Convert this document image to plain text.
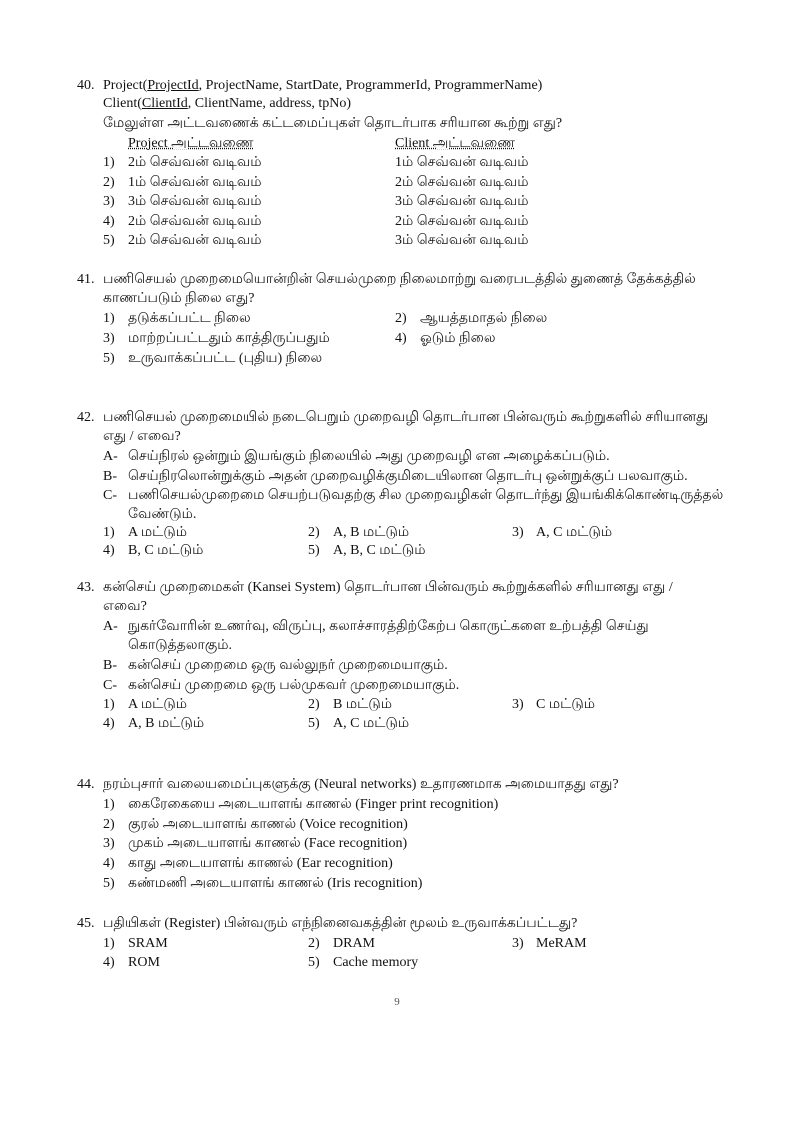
40. Project(ProjectId, ProjectName, StartDate, ProgrammerId, ProgrammerName)
Client(ClientId, ClientName, address, tpNo)
மேலுள்ள அட்டவணைக் கட்டமைப்புகள் தொடர்பாக சரியான கூற்று எது?
Project அட்டவணை	Client அட்டவணை
1) 2ம் செவ்வன் வடிவம்	1ம் செவ்வன் வடிவம்
2) 1ம் செவ்வன் வடிவம்	2ம் செவ்வன் வடிவம்
3) 3ம் செவ்வன் வடிவம்	3ம் செவ்வன் வடிவம்
4) 2ம் செவ்வன் வடிவம்	2ம் செவ்வன் வடிவம்
5) 2ம் செவ்வன் வடிவம்	3ம் செவ்வன் வடிவம்
41. பணிசெயல் முறைமையொன்றின் செயல்முறை நிலைமாற்று வரைபடத்தில் துணைத் தேக்கத்தில்
காணப்படும் நிலை எது?
1) தடுக்கப்பட்ட நிலை	2) ஆயத்தமாதல் நிலை
3) மாற்றப்பட்டதும் காத்திருப்பதும்	4) ஓடும் நிலை
5) உருவாக்கப்பட்ட (புதிய) நிலை
42. பணிசெயல் முறைமையில் நடைபெறும் முறைவழி தொடர்பான பின்வரும் கூற்றுகளில் சரியானது
எது / எவை?
A- செய்நிரல் ஒன்றும் இயங்கும் நிலையில் அது முறைவழி என அழைக்கப்படும்.
B- செய்நிரலொன்றுக்கும் அதன் முறைவழிக்குமிடையிலான தொடர்பு ஒன்றுக்குப் பலவாகும்.
C- பணிசெயல்முறைமை செயற்படுவதற்கு சில முறைவழிகள் தொடர்ந்து இயங்கிக்கொண்டிருத்தல்
வேண்டும்.
1) A மட்டும்	2) A, B மட்டும்	3) A, C மட்டும்
4) B, C மட்டும்	5) A, B, C மட்டும்
43. கன்செய் முறைமைகள் (Kansei System) தொடர்பான பின்வரும் கூற்றுக்களில் சரியானது எது /
எவை?
A- நுகர்வோரின் உணர்வு, விருப்பு, கலாச்சாரத்திற்கேற்ப கொருட்களை உற்பத்தி செய்து
கொடுத்தலாகும்.
B- கன்செய் முறைமை ஒரு வல்லுநர் முறைமையாகும்.
C- கன்செய் முறைமை ஒரு பல்முகவர் முறைமையாகும்.
1) A மட்டும்	2) B மட்டும்	3) C மட்டும்
4) A, B மட்டும்	5) A, C மட்டும்
44. நரம்புசார் வலையமைப்புகளுக்கு (Neural networks) உதாரணமாக அமையாதது எது?
1) கைரேகையை அடையாளங் காணல் (Finger print recognition)
2) குரல் அடையாளங் காணல் (Voice recognition)
3) முகம் அடையாளங் காணல் (Face recognition)
4) காது அடையாளங் காணல் (Ear recognition)
5) கண்மணி அடையாளங் காணல் (Iris recognition)
45. பதியிகள் (Register) பின்வரும் எந்நினைவகத்தின் மூலம் உருவாக்கப்பட்டது?
1) SRAM	2) DRAM	3) MeRAM
4) ROM	5) Cache memory
9
